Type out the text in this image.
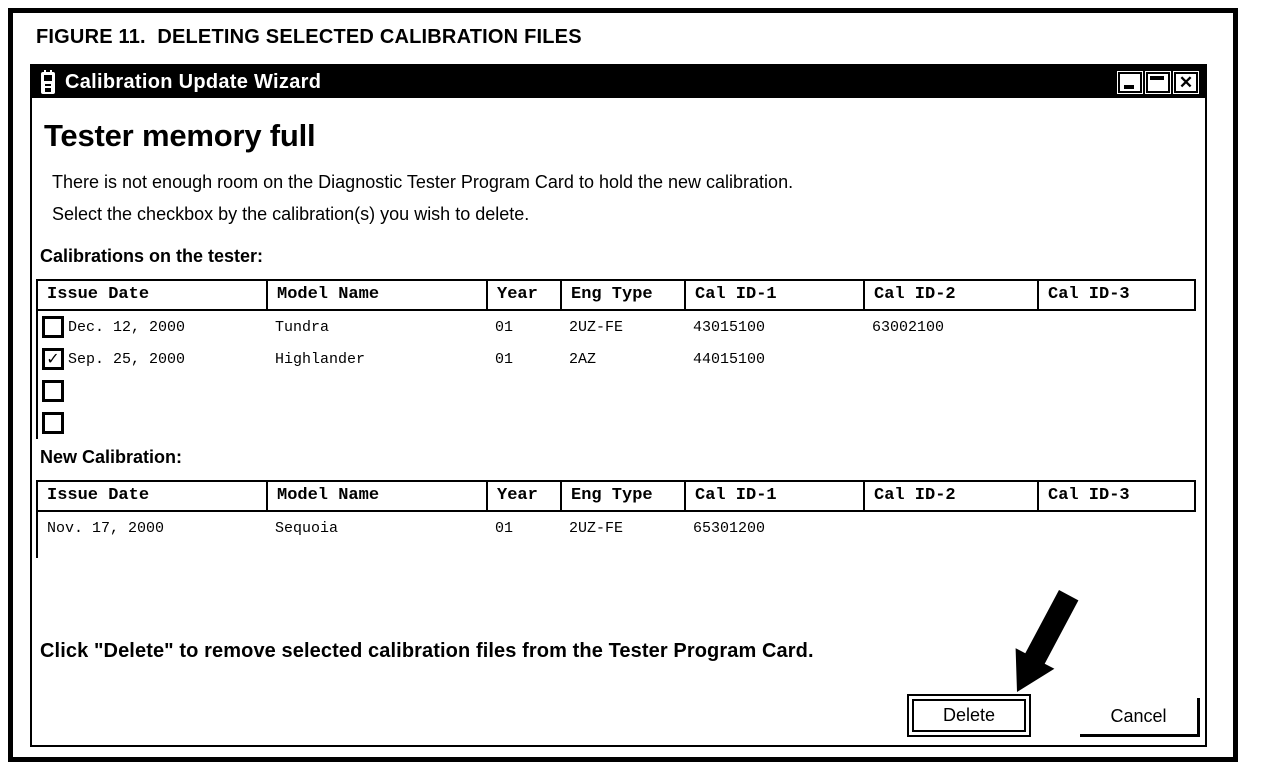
FIGURE 11.  DELETING SELECTED CALIBRATION FILES
Calibration Update Wizard	✕
Tester memory full
There is not enough room on the Diagnostic Tester Program Card to hold the new calibration.
Select the checkbox by the calibration(s) you wish to delete.
Calibrations on the tester:
Issue Date	Model Name	Year	Eng Type	Cal ID-1	Cal ID-2	Cal ID-3
Dec. 12, 2000	Tundra	01	2UZ-FE	43015100	63002100
✓ Sep. 25, 2000	Highlander	01	2AZ	44015100
New Calibration:
Issue Date	Model Name	Year	Eng Type	Cal ID-1	Cal ID-2	Cal ID-3
Nov. 17, 2000	Sequoia	01	2UZ-FE	65301200
Click "Delete" to remove selected calibration files from the Tester Program Card.
Delete	Cancel
